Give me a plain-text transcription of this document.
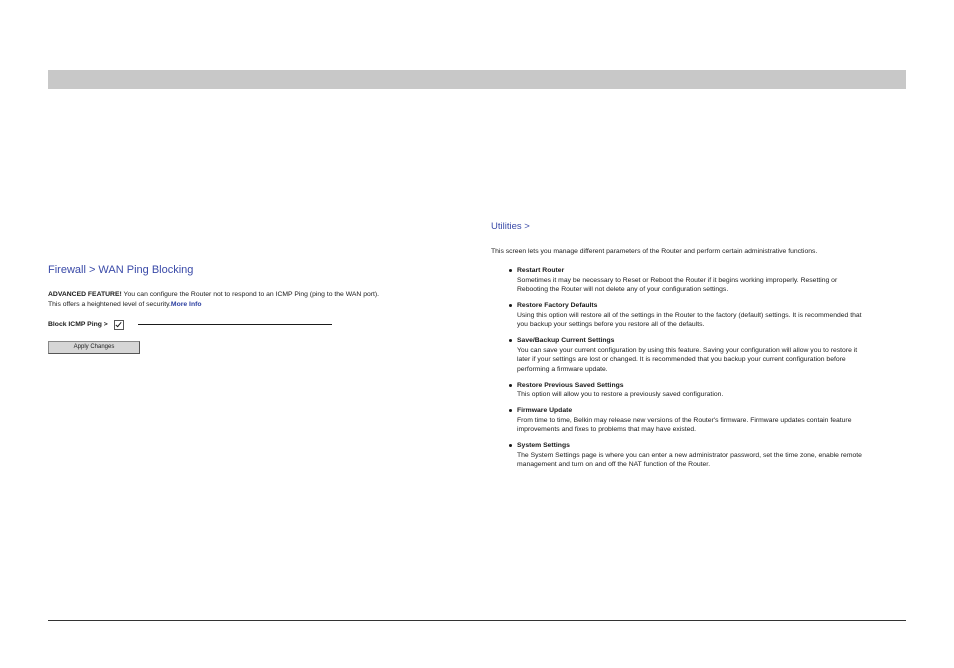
Firewall > WAN Ping Blocking
ADVANCED FEATURE! You can configure the Router not to respond to an ICMP Ping (ping to the WAN port).
This offers a heightened level of security.More Info
Block ICMP Ping >
Apply Changes
Utilities >
This screen lets you manage different parameters of the Router and perform certain administrative functions.
Restart Router
Sometimes it may be necessary to Reset or Reboot the Router if it begins working improperly. Resetting or Rebooting the Router will not delete any of your configuration settings.
Restore Factory Defaults
Using this option will restore all of the settings in the Router to the factory (default) settings. It is recommended that you backup your settings before you restore all of the defaults.
Save/Backup Current Settings
You can save your current configuration by using this feature. Saving your configuration will allow you to restore it later if your settings are lost or changed. It is recommended that you backup your current configuration before performing a firmware update.
Restore Previous Saved Settings
This option will allow you to restore a previously saved configuration.
Firmware Update
From time to time, Belkin may release new versions of the Router's firmware. Firmware updates contain feature improvements and fixes to problems that may have existed.
System Settings
The System Settings page is where you can enter a new administrator password, set the time zone, enable remote management and turn on and off the NAT function of the Router.
